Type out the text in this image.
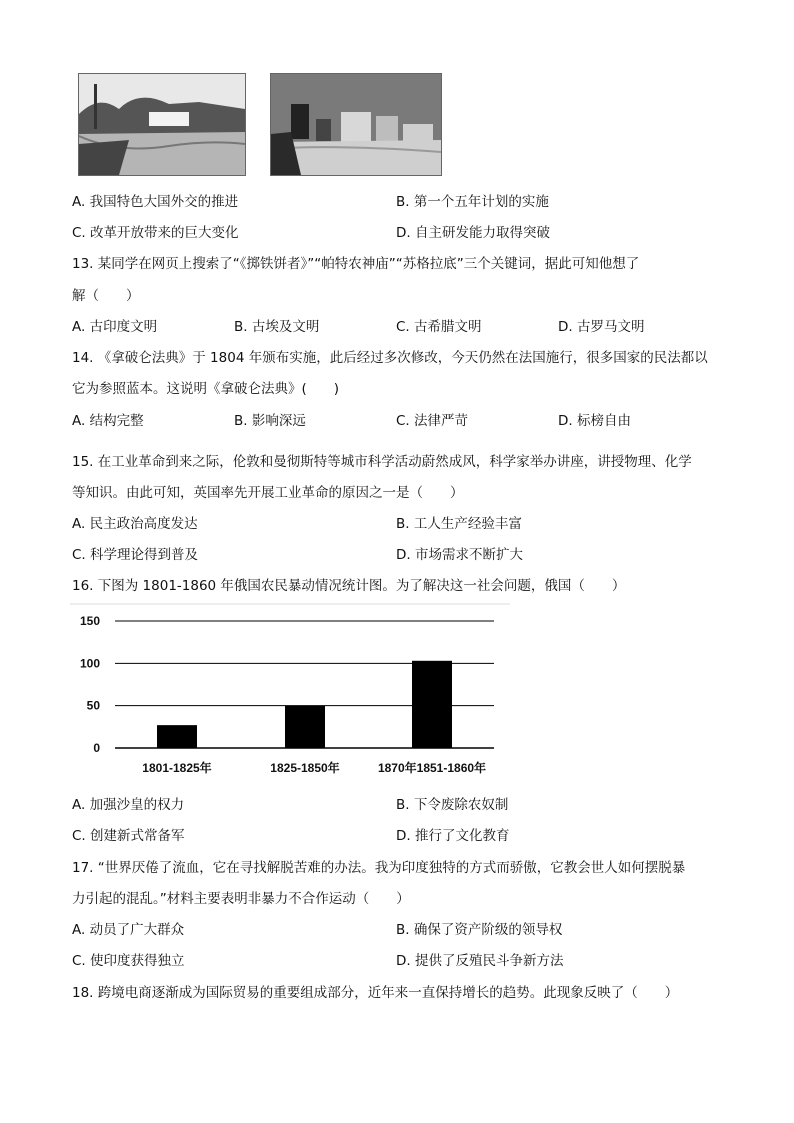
A. 我国特色大国外交的推进	B. 第一个五年计划的实施
C. 改革开放带来的巨大变化	D. 自主研发能力取得突破
13. 某同学在网页上搜索了“《掷铁饼者》”“帕特农神庙”“苏格拉底”三个关键词，据此可知他想了
解（　　）
A. 古印度文明	B. 古埃及文明	C. 古希腊文明	D. 古罗马文明
14. 《拿破仑法典》于 1804 年颁布实施，此后经过多次修改，今天仍然在法国施行，很多国家的民法都以
它为参照蓝本。这说明《拿破仑法典》(　　)
A. 结构完整	B. 影响深远	C. 法律严苛	D. 标榜自由
15. 在工业革命到来之际，伦敦和曼彻斯特等城市科学活动蔚然成风，科学家举办讲座，讲授物理、化学
等知识。由此可知，英国率先开展工业革命的原因之一是（　　）
A. 民主政治高度发达	B. 工人生产经验丰富
C. 科学理论得到普及	D. 市场需求不断扩大
16. 下图为 1801-1860 年俄国农民暴动情况统计图。为了解决这一社会问题，俄国（　　）
0
50
100
150
1801-1825年	1825-1850年	1870年1851-1860年
A. 加强沙皇的权力	B. 下令废除农奴制
C. 创建新式常备军	D. 推行了文化教育
17. “世界厌倦了流血，它在寻找解脱苦难的办法。我为印度独特的方式而骄傲，它教会世人如何摆脱暴
力引起的混乱。”材料主要表明非暴力不合作运动（　　）
A. 动员了广大群众	B. 确保了资产阶级的领导权
C. 使印度获得独立	D. 提供了反殖民斗争新方法
18. 跨境电商逐渐成为国际贸易的重要组成部分，近年来一直保持增长的趋势。此现象反映了（　　）
